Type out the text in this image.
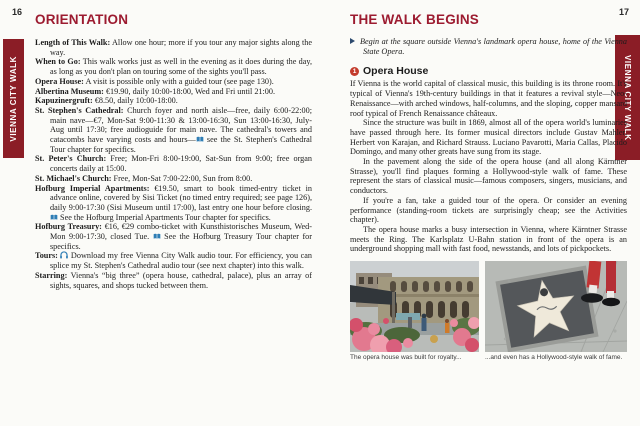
16	17
VIENNA CITY WALK	VIENNA CITY WALK
ORIENTATION

Length of This Walk: Allow one hour; more if you tour any major sights along the way.

When to Go: This walk works just as well in the evening as it does during the day, as long as you don't plan on touring some of the sights you'll pass.

Opera House: A visit is possible only with a guided tour (see page 130).

Albertina Museum: €19.90, daily 10:00-18:00, Wed and Fri until 21:00.

Kapuzinergruft: €8.50, daily 10:00-18:00.

St. Stephen's Cathedral: Church foyer and north aisle—free, daily 6:00-22:00; main nave—€7, Mon-Sat 9:00-11:30 & 13:00-16:30, Sun 13:00-16:30, July-Aug until 17:30; free audioguide for main nave. The cathedral's towers and catacombs have varying costs and hours— see the St. Stephen's Cathedral Tour chapter for specifics.

St. Peter's Church: Free; Mon-Fri 8:00-19:00, Sat-Sun from 9:00; free organ concerts daily at 15:00.

St. Michael's Church: Free, Mon-Sat 7:00-22:00, Sun from 8:00.

Hofburg Imperial Apartments: €19.50, smart to book timed-entry ticket in advance online, covered by Sisi Ticket (no timed entry required; see page 126), daily 9:00-17:30 (Sisi Museum until 17:00), last entry one hour before closing.  See the Hofburg Imperial Apartments Tour chapter for specifics.

Hofburg Treasury: €16, €29 combo-ticket with Kunsthistorisches Museum, Wed-Mon 9:00-17:30, closed Tue.  See the Hofburg Treasury Tour chapter for specifics.

Tours:  Download my free Vienna City Walk audio tour. For efficiency, you can splice my St. Stephen's Cathedral audio tour (see next chapter) into this walk.

Starring: Vienna's “big three” (opera house, cathedral, palace), plus an array of sights, squares, and shops tucked between them.

THE WALK BEGINS

Begin at the square outside Vienna's landmark opera house, home of the Vienna State Opera.

1 Opera House

If Vienna is the world capital of classical music, this building is its throne room. It's typical of Vienna's 19th-century buildings in that it features a revival style—Neo-Renaissance—with arched windows, half-columns, and the sloping, copper mansard roof typical of French Renaissance châteaux.

Since the structure was built in 1869, almost all of the opera world's luminaries have passed through here. Its former musical directors include Gustav Mahler, Herbert von Karajan, and Richard Strauss. Luciano Pavarotti, Maria Callas, Placido Domingo, and many other greats have sung from its stage.

In the pavement along the side of the opera house (and all along Kärntner Strasse), you'll find plaques forming a Hollywood-style walk of fame. These represent the stars of classical music—famous composers, singers, musicians, and conductors.

If you're a fan, take a guided tour of the opera. Or consider an evening performance (standing-room tickets are surprisingly cheap; see the Activities chapter).

The opera house marks a busy intersection in Vienna, where Kärntner Strasse meets the Ring. The Karlsplatz U-Bahn station in front of the opera is an underground shopping mall with fast food, newsstands, and lots of pickpockets.

The opera house was built for royalty...	...and even has a Hollywood-style walk of fame.
